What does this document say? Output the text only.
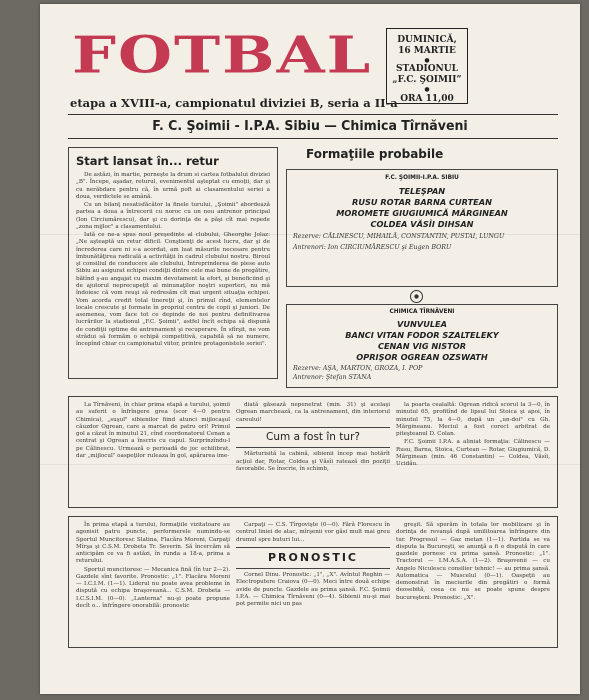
FOTBAL
etapa a XVIII-a, campionatul diviziei B, seria a II-a
DUMINICĂ,
16 MARTIE
●
STADIONUL
„F.C. ŞOIMII”
●
ORA 11,00
F. C. Şoimii - I.P.A. Sibiu — Chimica Tîrnăveni
Start lansat în... retur

De astăzi, în martie, porneşte la drum si cartea fotbalului diviziei „B". Începe, aşadar, returul, evenimentul aşteptat cu emoţii, dar şi cu nerăbdare pentru că, în urmă poft ai clasamentului seriei a doua, verdictele se amână.

Cu un bilanţ nesatisfăcător la finele turului, „Şoimii" abordează partea a doua a întrecerii cu noroc cu un nou antrenor principal (Ion Circiumărescu), dar şi cu dorinţa de a păşi cît mai repede „zona mijloc" a clasamentului.

Iată ce ne-a spus noul preşedinte al clubului, Gheorghe Jolaz: „Ne aşteaptă un retur dificil. Conştienţi de acest lucru, dar şi de încrederea care ni s-a acordat, am luat măsurile necesare pentru îmbunătăţirea radicală a activităţii în cadrul clubului nostru. Biroul şi consiliul de conducere ale clubului, Întreprinderea de piese auto Sibiu au asigurat echipei condiţii dintre cele mai bune de pregătire, bătînd ş-au angajat cu maxim devotament la efort, şi beneficiind şi de ajutorul neprecupeţit al minunaţilor noştri suporteri, nu mă îndoiesc că vom reuşi să redresăm cît mai urgent situaţia echipei. Vom acorda credit total tinereţii şi, în primul rînd, elementelor locale crescute şi formate în propriul centru de copii şi juniori. De asemenea, vom face tot ce depinde de noi pentru definitivarea lucrărilor la stadionul „F.C. Şoimii", astfel încît echipa să dispună de condiţii optime de antrenament şi recuperare. În sfîrşit, ne vom strădui să formăm o echipă competitivă, capabilă să ne numere, începînd chiar cu campionatul viitor, printre protagonistele seriei".

Formaţiile probabile
F.C. ŞOIMII-I.P.A. SIBIU
TELEŞPAN
RUSU ROTAR BARNA CURTEAN
MOROMETE GIUGIUMICĂ MĂRGINEAN
COLDEA VĂSÎI DIHSAN
Rezerve: CĂLINESCU, MIHAILĂ, CONSTANTIN, PUSTAI, LUNGU
Antrenori: Ion CIRCIUMĂRESCU şi Eugen BORU
CHIMICA TÎRNĂVENI
VUNVULEA
BANCI VITAN FODOR SZALTELEKY
CENAN VIG NISTOR
OPRIŞOR OGREAN OZSWATH
Rezerve: AŞA, MARTON, GROZA, I. POP
Antrenor: Ştefan STANA

La Tîrnăveni, în chiar prima etapă a turului, şoimii au suferit o înfrîngere grea (scor 4—0 pentru Chimica), „suşul" sibienilor fiind atunci mijlocaşul căuzdor Ogrean, care a marcat de patru ori! Primul gol a căzut în minutul 21, cînd coordonatorul Cenan a centrat şi Ogrean a înscris cu capul. Surprinzîndu-l pe Călinescu. Urmează o perioadă de joc echilibrat, dar „mijlocul" oaspeţilor ruleaza în gol, apărarea ime-

diată găsează nepenetrat (min. 31) şi acelaşi Ogrean marchează, ca la antrenament, din interiorul careului!

Cum a fost în tur?

Mărturisită la cabină, sibienii încep mai hotărît acţiul dar, Rotar, Coldea şi Văsîi ratează din poziţii favorabile. Se înscrie, în schimb,

la poarta cealaltă: Ogrean ridică scorul la 3—0, în minutul 65, profitînd de lipsul lui Stoica şi apoi, în minutul 75, la 4—0, după un „un-doi" cu Gh. Mărgineanu. Meciul a fost corect arbitrat de piteşteanul D. Colan.

F.C. Şoimii I.P.A. a aliniat formaţia: Călinescu — Rusu, Barna, Stoica, Curtean — Rotar, Giugiumică, D. Mărginean (min. 46 Constantin) — Coldea, Văsîi, Ucidău.

În prima etapă a turului, formaţiile vizitatoare au agonisit patru puncte, performerele numindu-se Sportul Muncitoresc Slatina, Flacăra Moreni, Carpaţi Mîrşa şi C.S.M. Drobeta Tr. Severin. Să încercăm să anticipăm ce va fi astăzi, în runda a 18-a, prima a returului.

Sportul muncitoresc — Mecanica fină (în tur 2—2). Gazdele sînt favorite. Pronostic: „1". Flacăra Moreni — I.C.I.M. (1—1). Liderul nu poate avea probleme în dispută cu echipa braşoveană... C.S.M. Drobeta — I.C.S.I.M. (0—0). „Lanterna" nu-şi poate propune decît o... înfrîngere onorabilă: pronostic

Carpaţi — C.S. Tîrgovişte (0—0). Fără Florescu în centrul liniei de atac, mîrşenii vor găsi mult mai greu drumul spre buturi lui...

PRONOSTIC

Cornel Dinu. Pronostic: „1", „X". Avîntul Reghin — Electroputere Craiova (0—0). Meci între două echipe avide de puncte. Gazdele au prima şansă. F.C. Şoimii I.P.A. — Chimica Tîrnăveni (0—4). Sibienii nu-şi mai pot permite nici un pas

greşit. Să sperăm în totala lor mobilizare şi în dorinţa de revanşă după umilitoarea înfrîngere din tur. Progresul — Gaz metan (1—1). Partida se va disputa la Bucureşti, se anunţă a fi o dispută în care gazdele pornesc cu prima şansă. Pronostic: „1". Tractorul — I.M.A.S.A. (1—2). Braşovenii — cu Angelo Niculescu consilier tehnic! — au prima şansă. Automatica — Muscelul (0—1). Oaspeţii au demonstrat în meciurile din pregătiri o formă deosebită, ceea ce nu se poate spune despre bucureşteni. Pronostic: „X".
